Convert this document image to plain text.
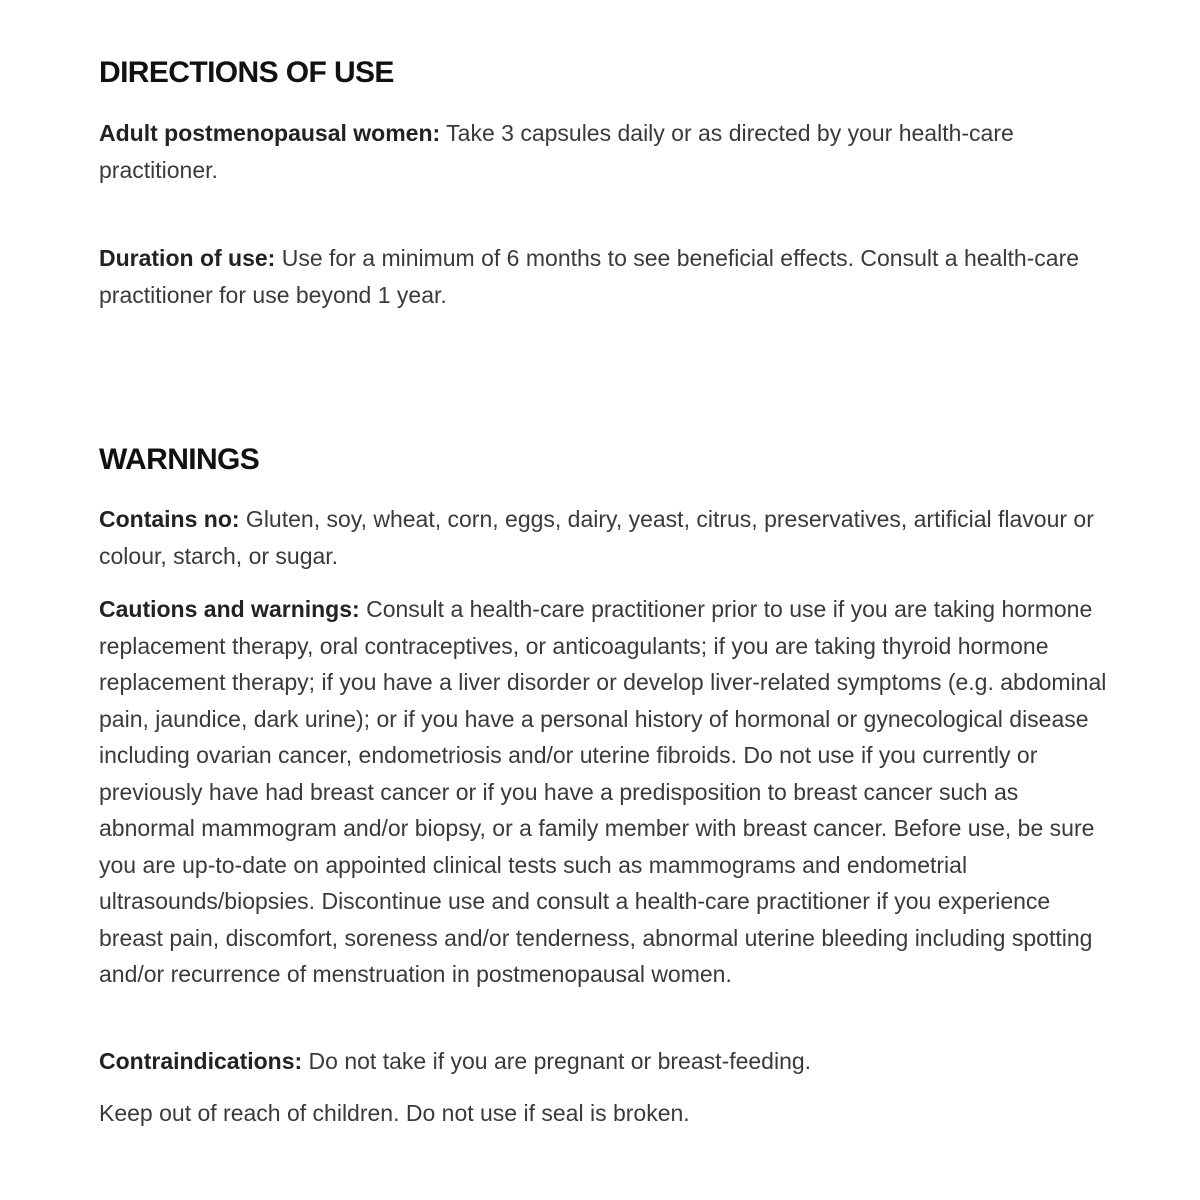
DIRECTIONS OF USE

Adult postmenopausal women: Take 3 capsules daily or as directed by your health-care practitioner.

Duration of use: Use for a minimum of 6 months to see beneficial effects. Consult a health-care practitioner for use beyond 1 year.

WARNINGS

Contains no: Gluten, soy, wheat, corn, eggs, dairy, yeast, citrus, preservatives, artificial flavour or colour, starch, or sugar.

Cautions and warnings: Consult a health-care practitioner prior to use if you are taking hormone replacement therapy, oral contraceptives, or anticoagulants; if you are taking thyroid hormone replacement therapy; if you have a liver disorder or develop liver-related symptoms (e.g. abdominal pain, jaundice, dark urine); or if you have a personal history of hormonal or gynecological disease including ovarian cancer, endometriosis and/or uterine fibroids. Do not use if you currently or previously have had breast cancer or if you have a predisposition to breast cancer such as abnormal mammogram and/or biopsy, or a family member with breast cancer. Before use, be sure you are up-to-date on appointed clinical tests such as mammograms and endometrial ultrasounds/biopsies. Discontinue use and consult a health-care practitioner if you experience breast pain, discomfort, soreness and/or tenderness, abnormal uterine bleeding including spotting and/or recurrence of menstruation in postmenopausal women.

Contraindications: Do not take if you are pregnant or breast-feeding.

Keep out of reach of children. Do not use if seal is broken.
